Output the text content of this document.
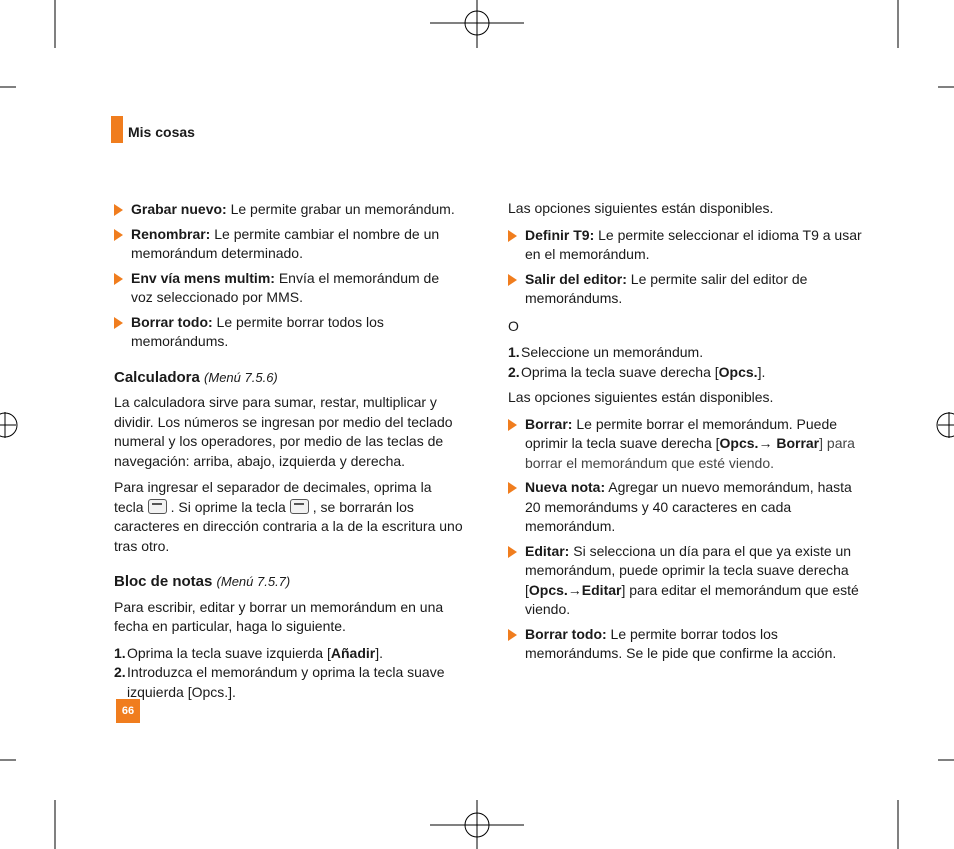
Mis cosas
Grabar nuevo: Le permite grabar un memorándum.
Renombrar: Le permite cambiar el nombre de un memorándum determinado.
Env vía mens multim: Envía el memorándum de voz seleccionado por MMS.
Borrar todo: Le permite borrar todos los memorándums.
Calculadora (Menú 7.5.6)

La calculadora sirve para sumar, restar, multiplicar y dividir. Los números se ingresan por medio del teclado numeral y los operadores, por medio de las teclas de navegación: arriba, abajo, izquierda y derecha.

Para ingresar el separador de decimales, oprima la tecla . Si oprime la tecla , se borrarán los caracteres en dirección contraria a la de la escritura uno tras otro.

Bloc de notas (Menú 7.5.7)

Para escribir, editar y borrar un memorándum en una fecha en particular, haga lo siguiente.

1. Oprima la tecla suave izquierda [Añadir].
2. Introduzca el memorándum y oprima la tecla suave izquierda [Opcs.].

Las opciones siguientes están disponibles.

Definir T9: Le permite seleccionar el idioma T9 a usar en el memorándum.
Salir del editor: Le permite salir del editor de memorándums.

O

1. Seleccione un memorándum.
2. Oprima la tecla suave derecha [Opcs.].

Las opciones siguientes están disponibles.

Borrar: Le permite borrar el memorándum. Puede oprimir la tecla suave derecha [Opcs.→ Borrar] para borrar el memorándum que esté viendo.
Nueva nota: Agregar un nuevo memorándum, hasta 20 memorándums y 40 caracteres en cada memorándum.
Editar: Si selecciona un día para el que ya existe un memorándum, puede oprimir la tecla suave derecha [Opcs.→Editar] para editar el memorándum que esté viendo.
Borrar todo: Le permite borrar todos los memorándums. Se le pide que confirme la acción.
66
